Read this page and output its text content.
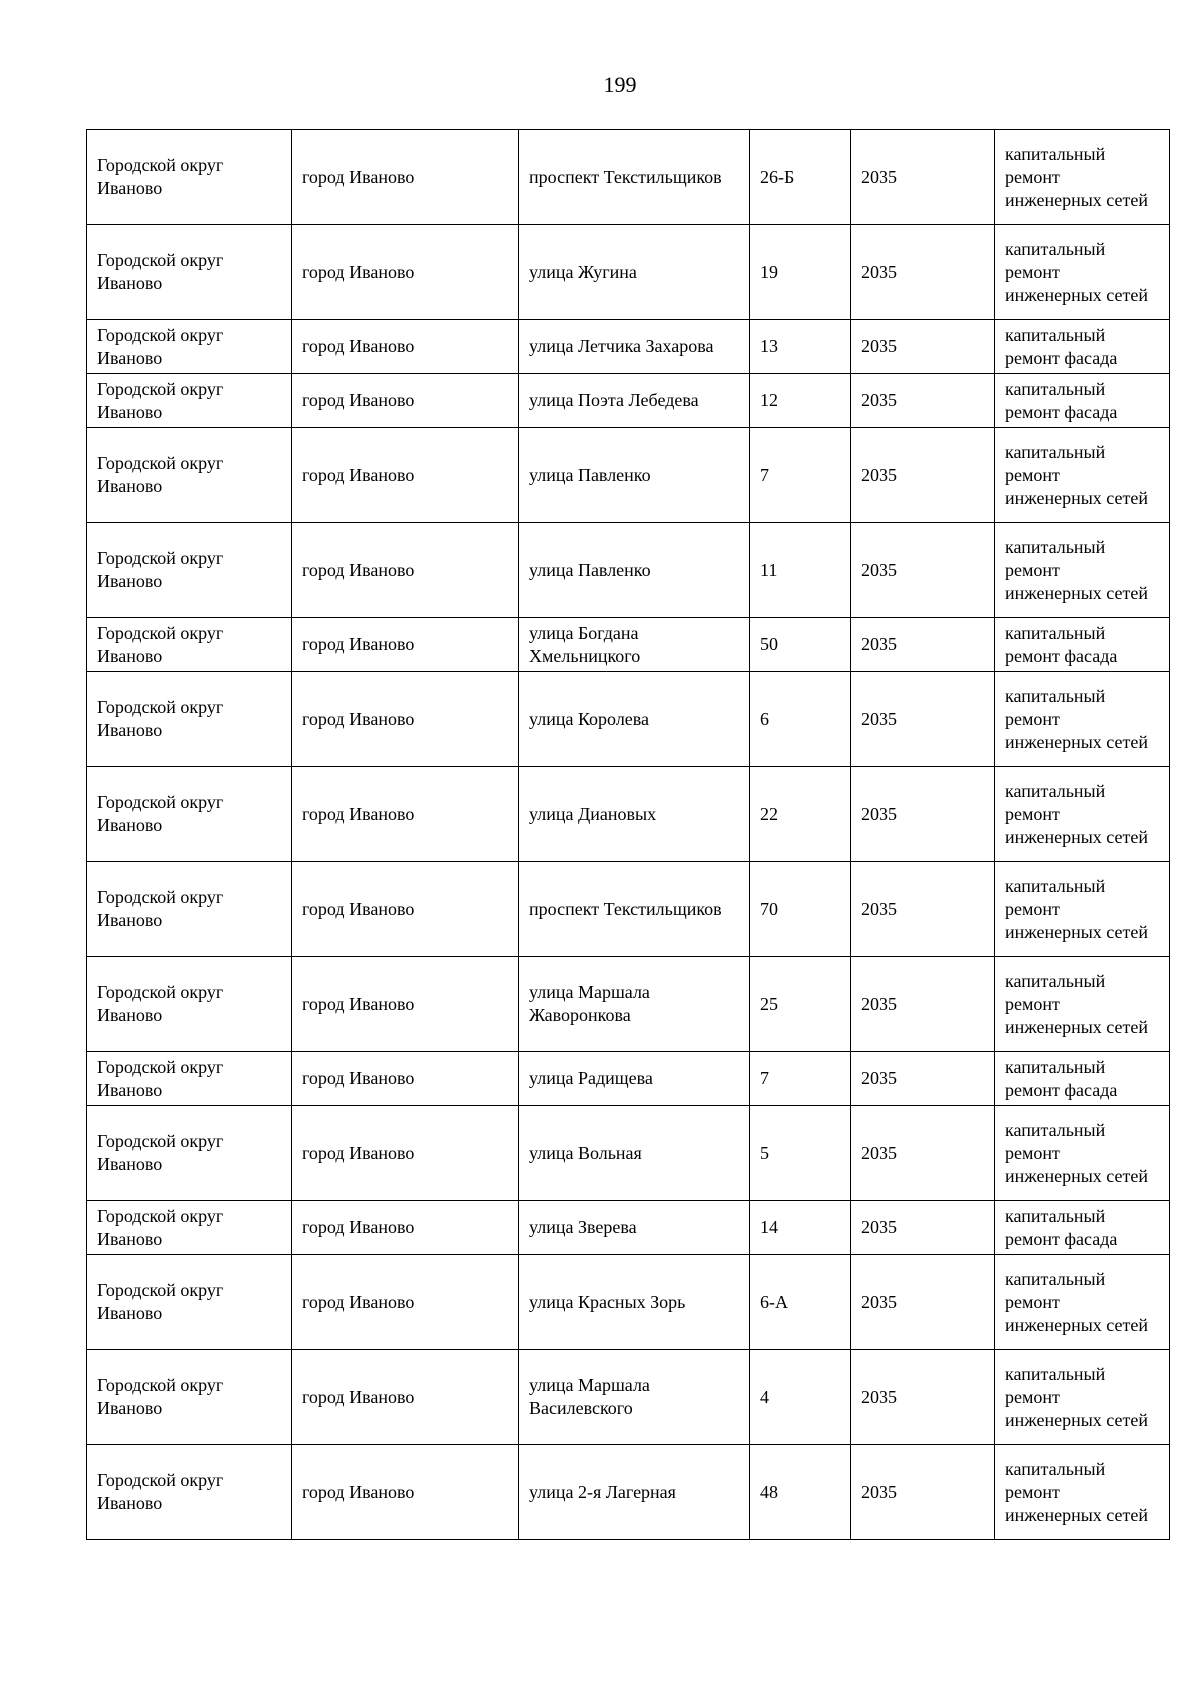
199
Городской округ Иваново	город Иваново	проспект Текстильщиков	26-Б	2035	капитальный ремонт инженерных сетей
Городской округ Иваново	город Иваново	улица Жугина	19	2035	капитальный ремонт инженерных сетей
Городской округ Иваново	город Иваново	улица Летчика Захарова	13	2035	капитальный ремонт фасада
Городской округ Иваново	город Иваново	улица Поэта Лебедева	12	2035	капитальный ремонт фасада
Городской округ Иваново	город Иваново	улица Павленко	7	2035	капитальный ремонт инженерных сетей
Городской округ Иваново	город Иваново	улица Павленко	11	2035	капитальный ремонт инженерных сетей
Городской округ Иваново	город Иваново	улица Богдана Хмельницкого	50	2035	капитальный ремонт фасада
Городской округ Иваново	город Иваново	улица Королева	6	2035	капитальный ремонт инженерных сетей
Городской округ Иваново	город Иваново	улица Диановых	22	2035	капитальный ремонт инженерных сетей
Городской округ Иваново	город Иваново	проспект Текстильщиков	70	2035	капитальный ремонт инженерных сетей
Городской округ Иваново	город Иваново	улица Маршала Жаворонкова	25	2035	капитальный ремонт инженерных сетей
Городской округ Иваново	город Иваново	улица Радищева	7	2035	капитальный ремонт фасада
Городской округ Иваново	город Иваново	улица Вольная	5	2035	капитальный ремонт инженерных сетей
Городской округ Иваново	город Иваново	улица Зверева	14	2035	капитальный ремонт фасада
Городской округ Иваново	город Иваново	улица Красных Зорь	6-А	2035	капитальный ремонт инженерных сетей
Городской округ Иваново	город Иваново	улица Маршала Василевского	4	2035	капитальный ремонт инженерных сетей
Городской округ Иваново	город Иваново	улица 2-я Лагерная	48	2035	капитальный ремонт инженерных сетей
